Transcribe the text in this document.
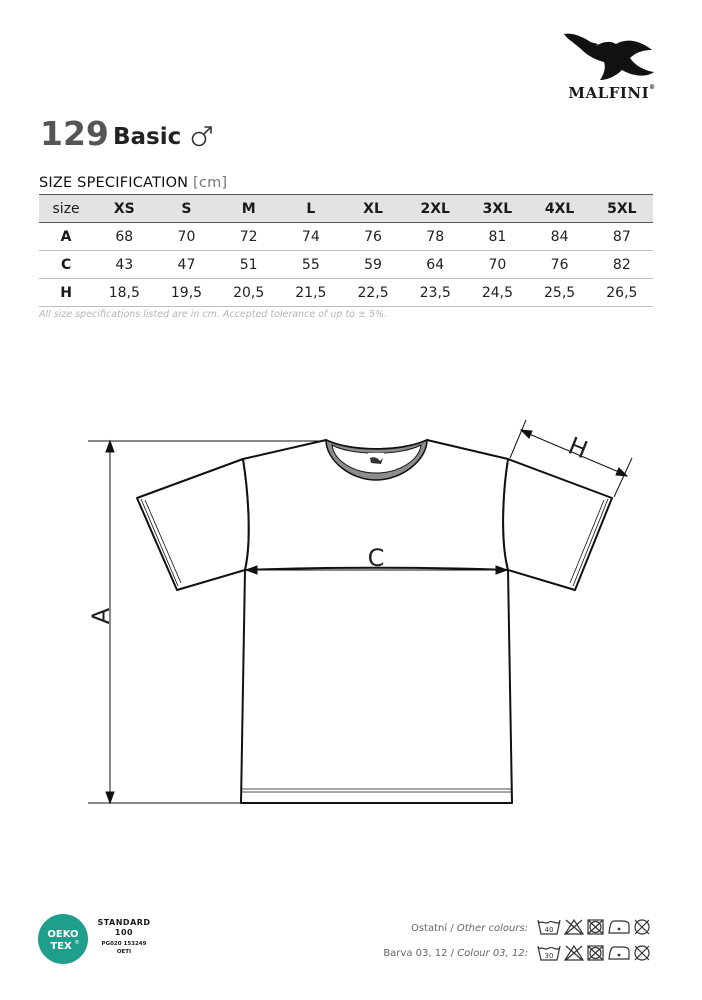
MALFINI®
129 Basic
SIZE SPECIFICATION [cm]
size	XS	S	M	L	XL	2XL	3XL	4XL	5XL
A	68	70	72	74	76	78	81	84	87
C	43	47	51	55	59	64	70	76	82
H	18,5	19,5	20,5	21,5	22,5	23,5	24,5	25,5	26,5
All size specifications listed are in cm. Accepted tolerance of up to ± 5%.
A
C
H
OEKO
TEX ®
STANDARD
100
PG020 153249
OETI
Ostatní / Other colours: 40
Barva 03, 12 / Colour 03, 12: 30
